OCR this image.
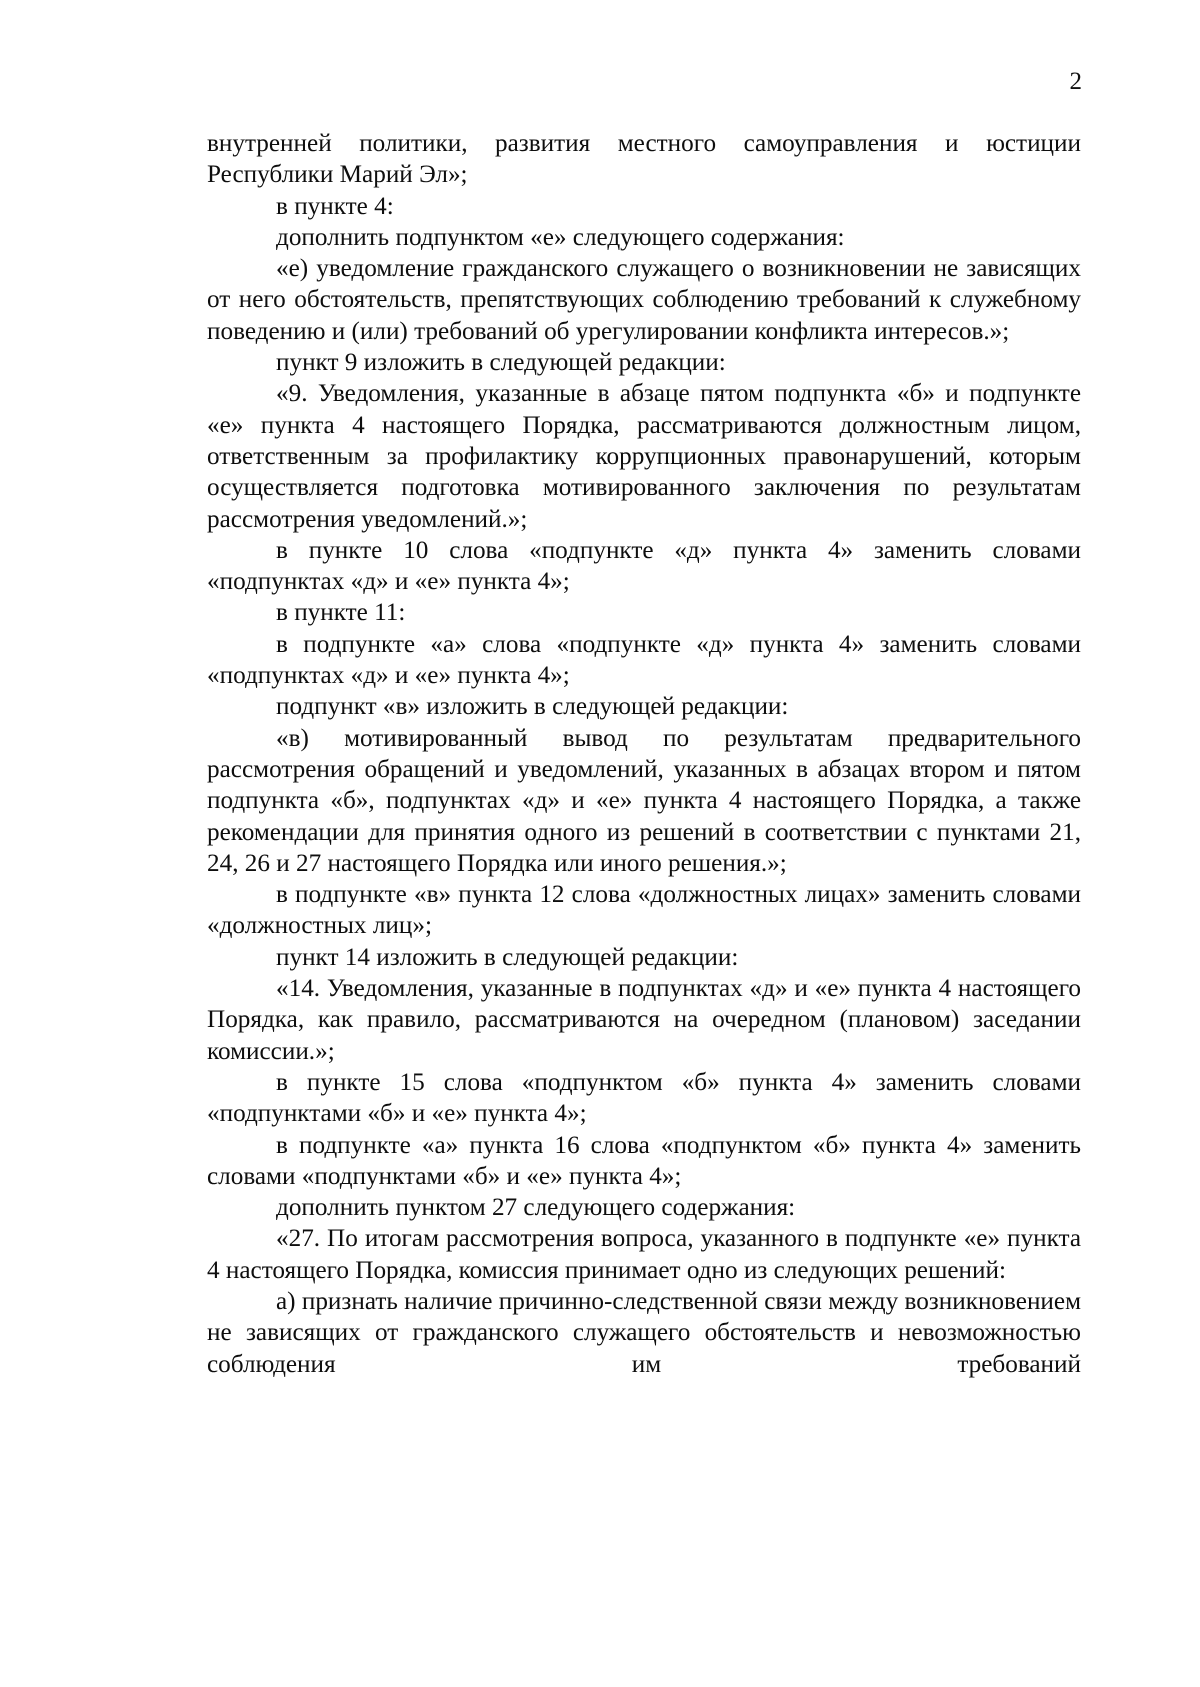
2

внутренней политики, развития местного самоуправления и юстиции Республики Марий Эл»;

в пункте 4:

дополнить подпунктом «е» следующего содержания:

«е) уведомление гражданского служащего о возникновении не зависящих от него обстоятельств, препятствующих соблюдению требований к служебному поведению и (или) требований об урегулировании конфликта интересов.»;

пункт 9 изложить в следующей редакции:

«9. Уведомления, указанные в абзаце пятом подпункта «б» и подпункте «е» пункта 4 настоящего Порядка, рассматриваются должностным лицом, ответственным за профилактику коррупционных правонарушений, которым осуществляется подготовка мотивированного заключения по результатам рассмотрения уведомлений.»;

в пункте 10 слова «подпункте «д» пункта 4» заменить словами «подпунктах «д» и «е» пункта 4»;

в пункте 11:

в подпункте «а» слова «подпункте «д» пункта 4» заменить словами «подпунктах «д» и «е» пункта 4»;

подпункт «в» изложить в следующей редакции:

«в) мотивированный вывод по результатам предварительного рассмотрения обращений и уведомлений, указанных в абзацах втором и пятом подпункта «б», подпунктах «д» и «е» пункта 4 настоящего Порядка, а также рекомендации для принятия одного из решений в соответствии с пунктами 21, 24, 26 и 27 настоящего Порядка или иного решения.»;

в подпункте «в» пункта 12 слова «должностных лицах» заменить словами «должностных лиц»;

пункт 14 изложить в следующей редакции:

«14. Уведомления, указанные в подпунктах «д» и «е» пункта 4 настоящего Порядка, как правило, рассматриваются на очередном (плановом) заседании комиссии.»;

в пункте 15 слова «подпунктом «б» пункта 4» заменить словами «подпунктами «б» и «е» пункта 4»;

в подпункте «а» пункта 16 слова «подпунктом «б» пункта 4» заменить словами «подпунктами «б» и «е» пункта 4»;

дополнить пунктом 27 следующего содержания:

«27. По итогам рассмотрения вопроса, указанного в подпункте «е» пункта 4 настоящего Порядка, комиссия принимает одно из следующих решений:

а) признать наличие причинно-следственной связи между возникновением не зависящих от гражданского служащего обстоятельств и невозможностью соблюдения им требований
